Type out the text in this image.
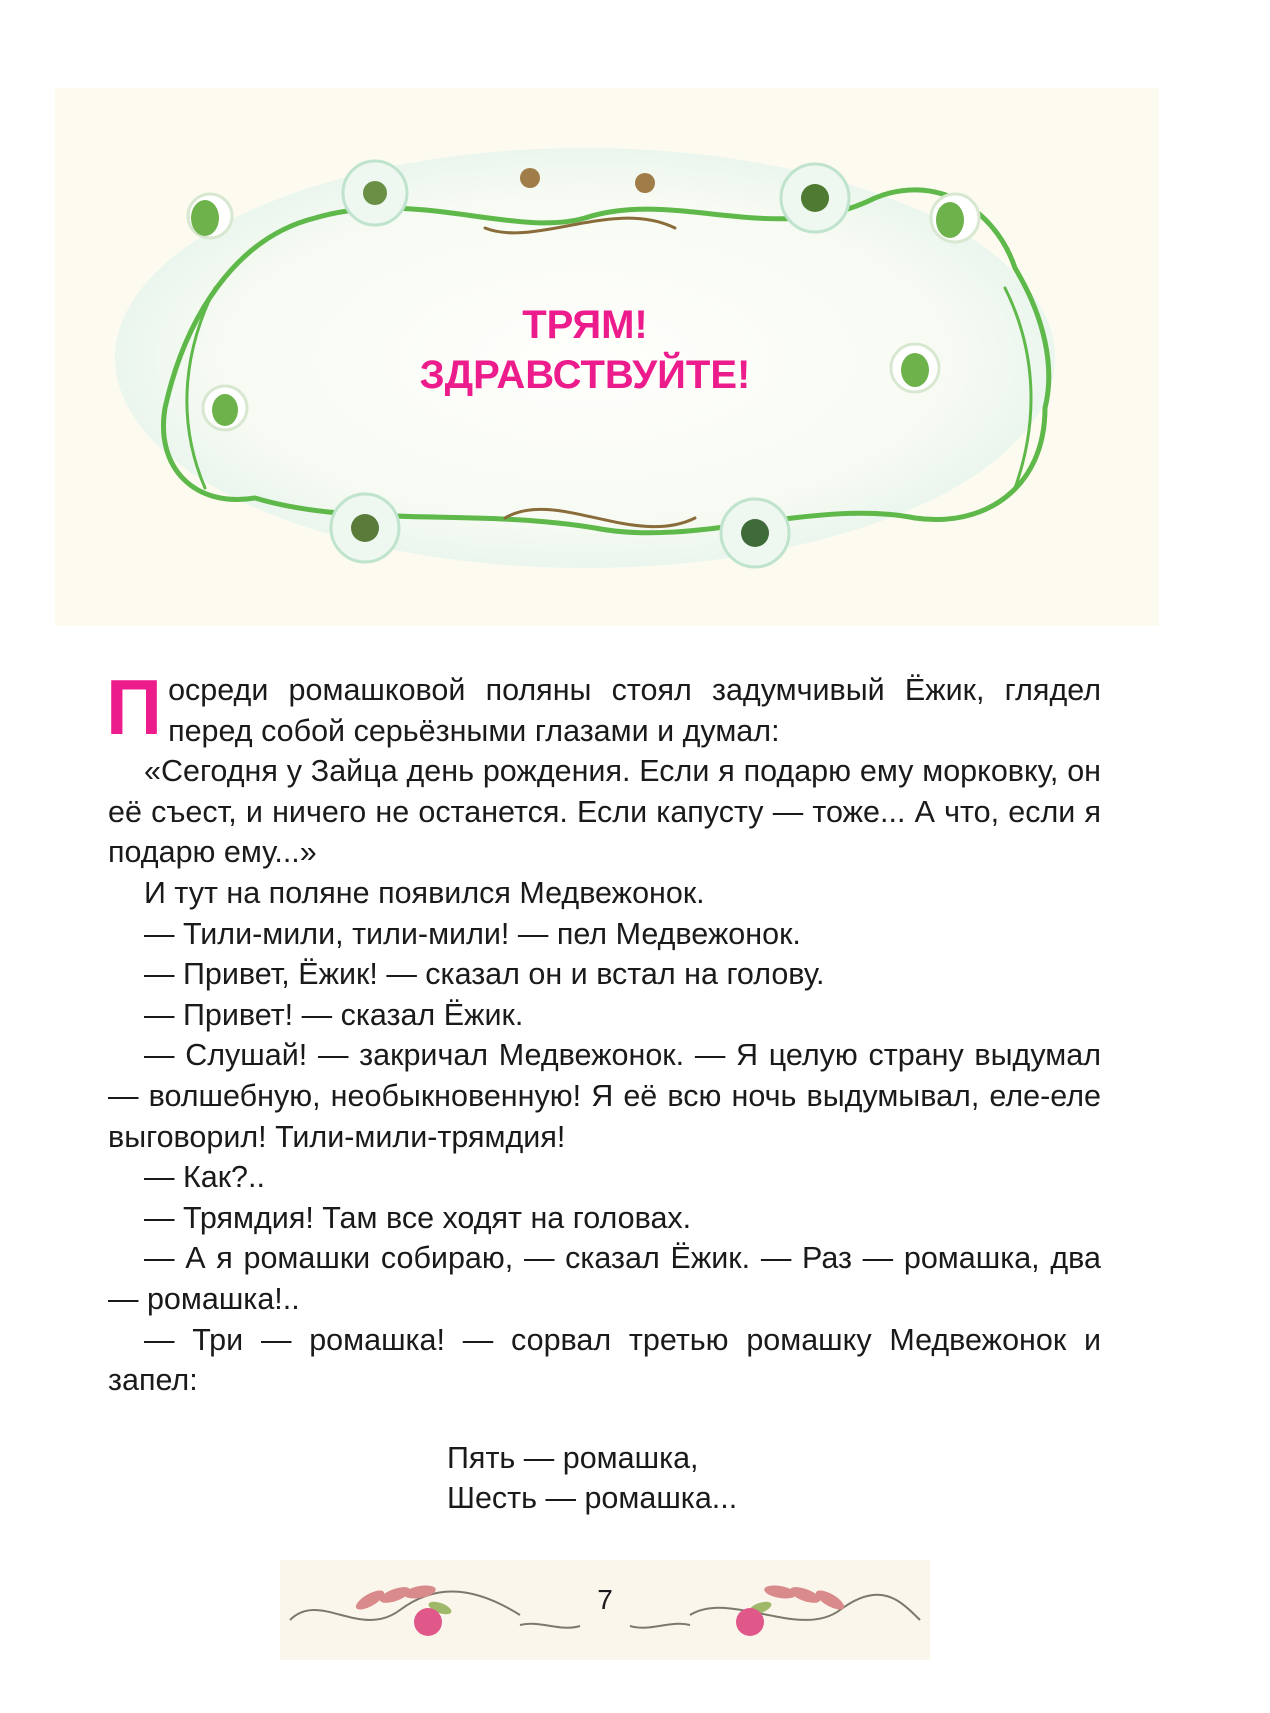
ТРЯМ!
ЗДРАВСТВУЙТЕ!

Посреди ромашковой поляны стоял задумчивый Ёжик, глядел перед собой серьёзными глазами и думал:

«Сегодня у Зайца день рождения. Если я подарю ему морковку, он её съест, и ничего не останется. Если капусту — тоже... А что, если я подарю ему...»

И тут на поляне появился Медвежонок.

— Тили-мили, тили-мили! — пел Медвежонок.

— Привет, Ёжик! — сказал он и встал на голову.

— Привет! — сказал Ёжик.

— Слушай! — закричал Медвежонок. — Я целую страну выдумал — волшебную, необыкновенную! Я её всю ночь выдумывал, еле-еле выговорил! Тили-мили-трямдия!

— Как?..

— Трямдия! Там все ходят на головах.

— А я ромашки собираю, — сказал Ёжик. — Раз — ромашка, два — ромашка!..

— Три — ромашка! — сорвал третью ромашку Медвежонок и запел:

Пять — ромашка,
Шесть — ромашка...
7
